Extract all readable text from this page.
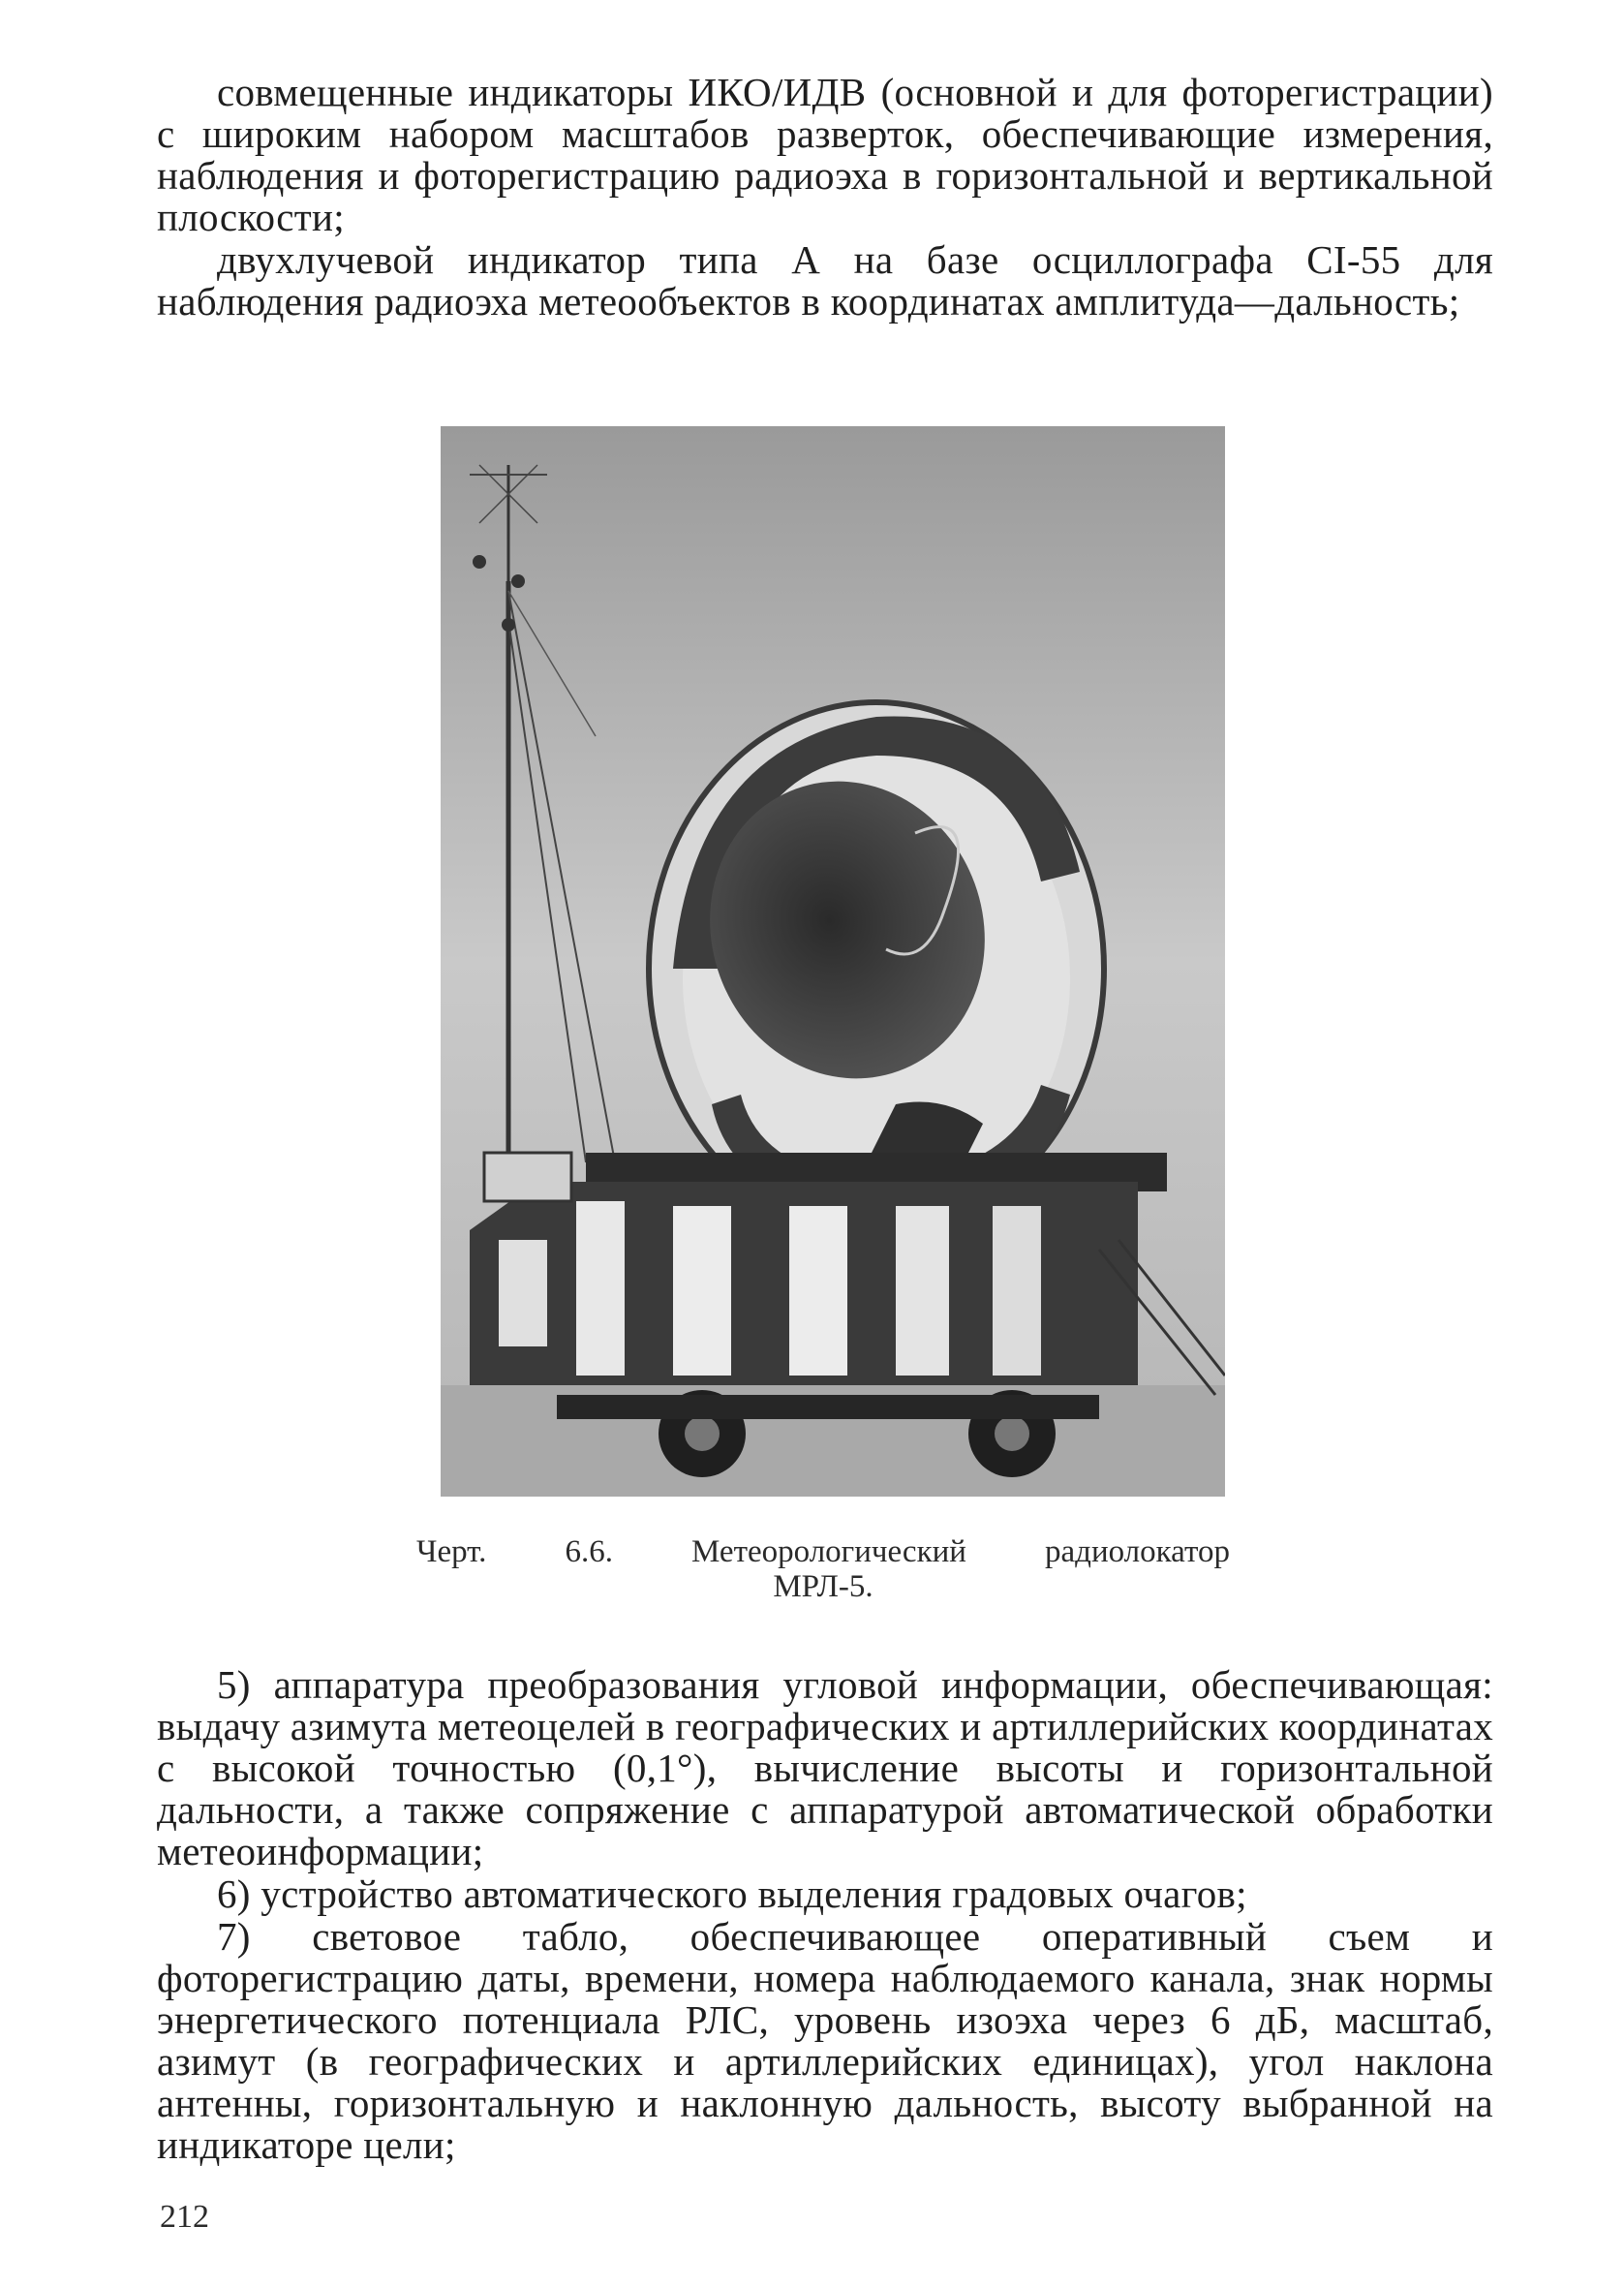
совмещенные индикаторы ИКО/ИДВ (основной и для фоторегистрации) с широким набором масштабов разверток, обеспечивающие измерения, наблюдения и фоторегистрацию радиоэха в горизонтальной и вертикальной плоскости;

двухлучевой индикатор типа А на базе осциллографа СІ-55 для наблюдения радиоэха метеообъектов в координатах амплитуда—дальность;

Черт. 6.6. Метеорологический радиолокатор
МРЛ-5.

5) аппаратура преобразования угловой информации, обеспечивающая: выдачу азимута метеоцелей в географических и артиллерийских координатах с высокой точностью (0,1°), вычисление высоты и горизонтальной дальности, а также сопряжение с аппаратурой автоматической обработки метеоинформации;

6) устройство автоматического выделения градовых очагов;

7) световое табло, обеспечивающее оперативный съем и фоторегистрацию даты, времени, номера наблюдаемого канала, знак нормы энергетического потенциала РЛС, уровень изоэха через 6 дБ, масштаб, азимут (в географических и артиллерийских единицах), угол наклона антенны, горизонтальную и наклонную дальность, высоту выбранной на индикаторе цели;

212
